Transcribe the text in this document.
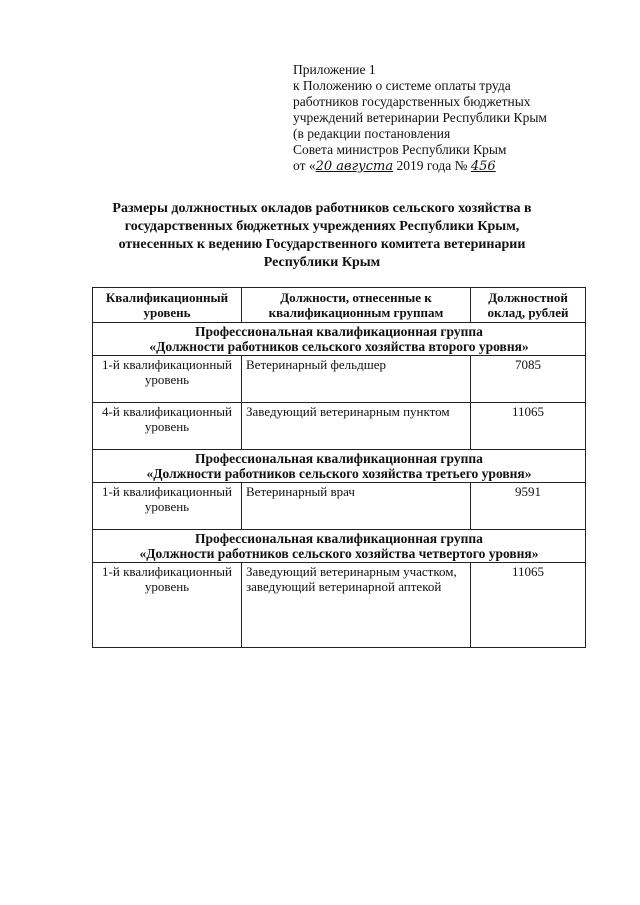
Приложение 1
к Положению о системе оплаты труда
работников государственных бюджетных
учреждений ветеринарии Республики Крым
(в редакции постановления
Совета министров Республики Крым
от «20 августа 2019 года № 456
Размеры должностных окладов работников сельского хозяйства в
государственных бюджетных учреждениях Республики Крым,
отнесенных к ведению Государственного комитета ветеринарии
Республики Крым
Квалификационный уровень	Должности, отнесенные к квалификационным группам	Должностной оклад, рублей

Профессиональная квалификационная группа
«Должности работников сельского хозяйства второго уровня»		

1-й квалификационный уровень	Ветеринарный фельдшер	7085
4-й квалификационный уровень	Заведующий ветеринарным пунктом	11065

Профессиональная квалификационная группа
«Должности работников сельского хозяйства третьего уровня»		

1-й квалификационный уровень	Ветеринарный врач	9591

Профессиональная квалификационная группа
«Должности работников сельского хозяйства четвертого уровня»		

1-й квалификационный уровень	Заведующий ветеринарным участком,
заведующий ветеринарной аптекой	11065
